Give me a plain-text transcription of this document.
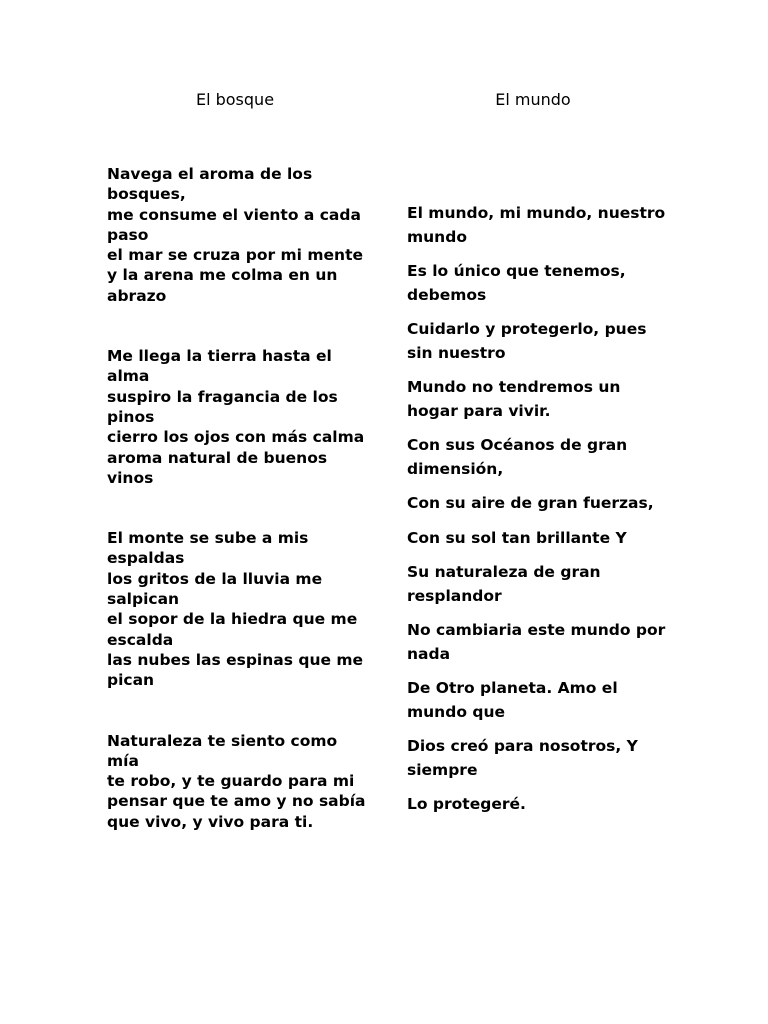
El bosque	El mundo
Navega el aroma de los
bosques,
me consume el viento a cada
paso
el mar se cruza por mi mente
y la arena me colma en un
abrazo
Me llega la tierra hasta el
alma
suspiro la fragancia de los
pinos
cierro los ojos con más calma
aroma natural de buenos
vinos
El monte se sube a mis
espaldas
los gritos de la lluvia me
salpican
el sopor de la hiedra que me
escalda
las nubes las espinas que me
pican
Naturaleza te siento como
mía
te robo, y te guardo para mi
pensar que te amo y no sabía
que vivo, y vivo para ti.

El mundo, mi mundo, nuestro mundo

Es lo único que tenemos, debemos

Cuidarlo y protegerlo, pues sin nuestro

Mundo no tendremos un hogar para vivir.

Con sus Océanos de gran dimensión,

Con su aire de gran fuerzas,

Con su sol tan brillante Y

Su naturaleza de gran resplandor

No cambiaria este mundo por nada

De Otro planeta. Amo el mundo que

Dios creó para nosotros, Y siempre

Lo protegeré.
